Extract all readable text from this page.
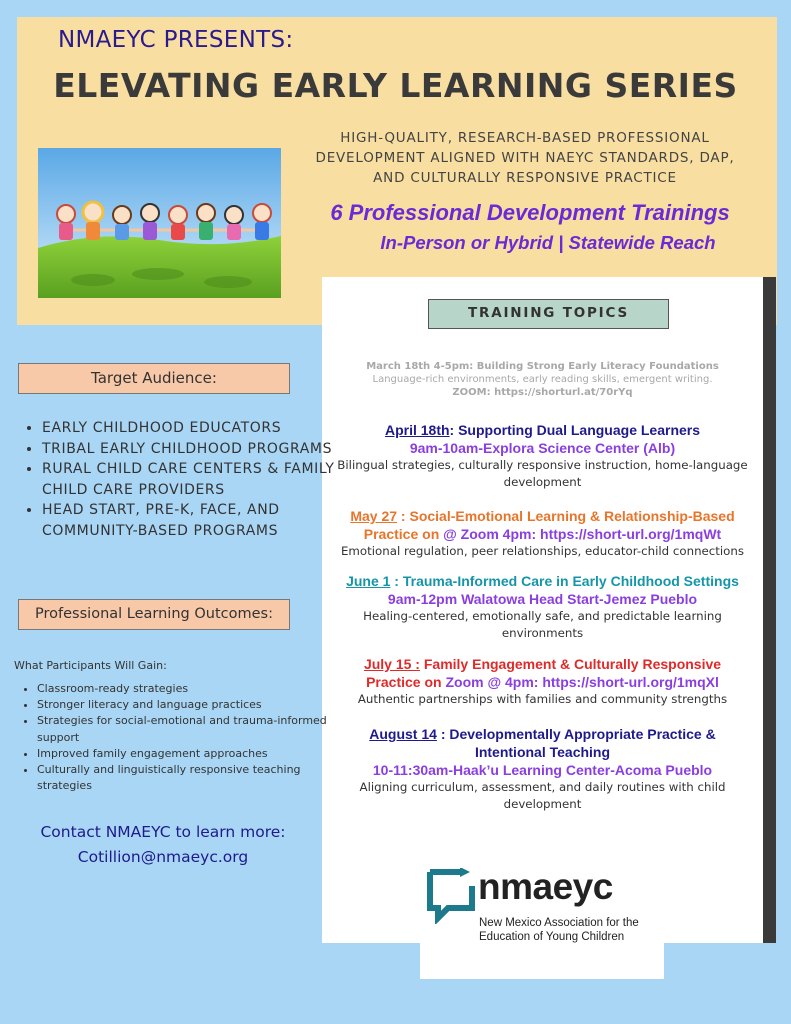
NMAEYC PRESENTS:
ELEVATING EARLY LEARNING SERIES
HIGH-QUALITY, RESEARCH-BASED PROFESSIONAL
DEVELOPMENT ALIGNED WITH NAEYC STANDARDS, DAP,
AND CULTURALLY RESPONSIVE PRACTICE
6 Professional Development Trainings
In-Person or Hybrid | Statewide Reach
TRAINING TOPICS
March 18th 4-5pm: Building Strong Early Literacy Foundations
Language-rich environments, early reading skills, emergent writing.
ZOOM: https://shorturl.at/70rYq
April 18th: Supporting Dual Language Learners
9am-10am-Explora Science Center (Alb)
Bilingual strategies, culturally responsive instruction, home-language development
May 27 : Social-Emotional Learning & Relationship-Based
Practice on @ Zoom 4pm: https://short-url.org/1mqWt
Emotional regulation, peer relationships, educator-child connections
June 1 : Trauma-Informed Care in Early Childhood Settings
9am-12pm Walatowa Head Start-Jemez Pueblo
Healing-centered, emotionally safe, and predictable learning environments
July 15 : Family Engagement & Culturally Responsive
Practice on Zoom @ 4pm: https://short-url.org/1mqXl
Authentic partnerships with families and community strengths
August 14 : Developmentally Appropriate Practice &
Intentional Teaching
10-11:30am-Haak’u Learning Center-Acoma Pueblo
Aligning curriculum, assessment, and daily routines with child development
nmaeyc
New Mexico Association for the
Education of Young Children
Target Audience:
• EARLY CHILDHOOD EDUCATORS
• TRIBAL EARLY CHILDHOOD PROGRAMS
• RURAL CHILD CARE CENTERS & FAMILY CHILD CARE PROVIDERS
• HEAD START, PRE-K, FACE, AND COMMUNITY-BASED PROGRAMS
Professional Learning Outcomes:
What Participants Will Gain:
• Classroom-ready strategies
• Stronger literacy and language practices
• Strategies for social-emotional and trauma-informed support
• Improved family engagement approaches
• Culturally and linguistically responsive teaching strategies
Contact NMAEYC to learn more:
Cotillion@nmaeyc.org
